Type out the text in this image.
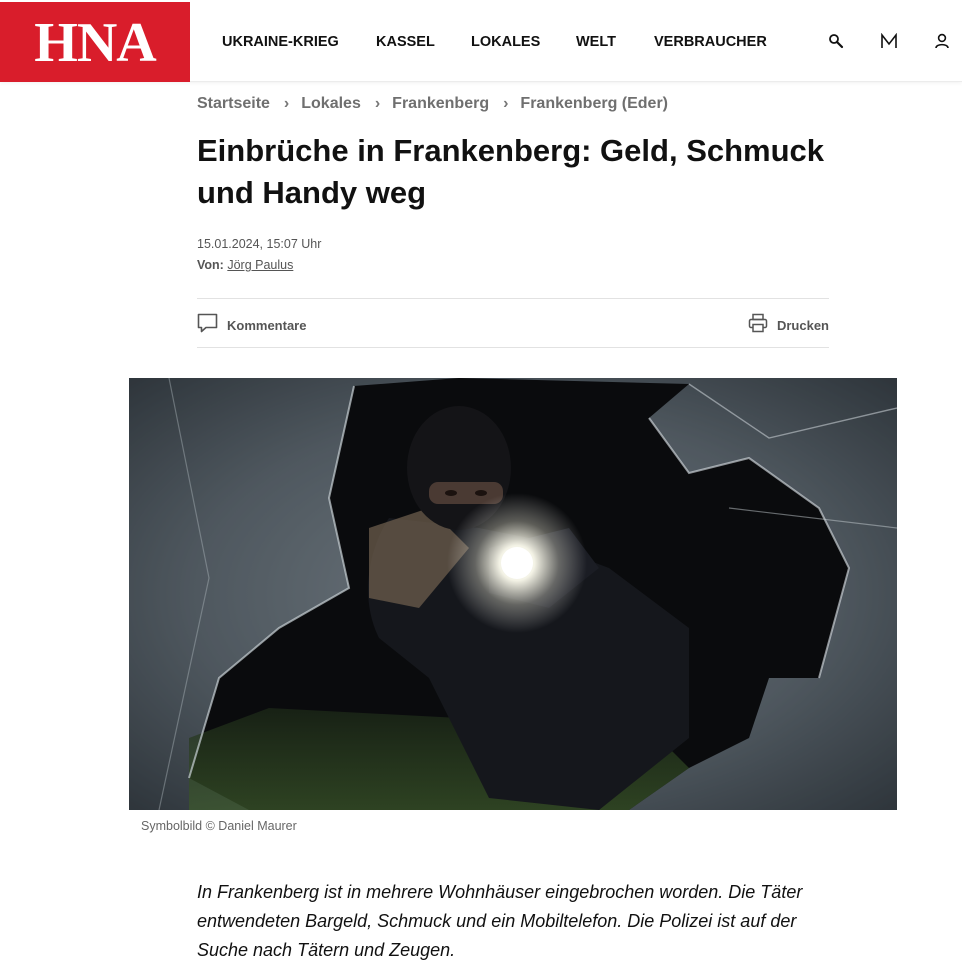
HNA	UKRAINE-KRIEG	KASSEL LOKALES WELT	VERBRAUCHER
Startseite › Lokales › Frankenberg › Frankenberg (Eder)
Einbrüche in Frankenberg: Geld, Schmuck und Handy weg
15.01.2024, 15:07 Uhr
Von: Jörg Paulus
Kommentare	Drucken
Symbolbild © Daniel Maurer

In Frankenberg ist in mehrere Wohnhäuser eingebrochen worden. Die Täter entwendeten Bargeld, Schmuck und ein Mobiltelefon. Die Polizei ist auf der Suche nach Tätern und Zeugen.
